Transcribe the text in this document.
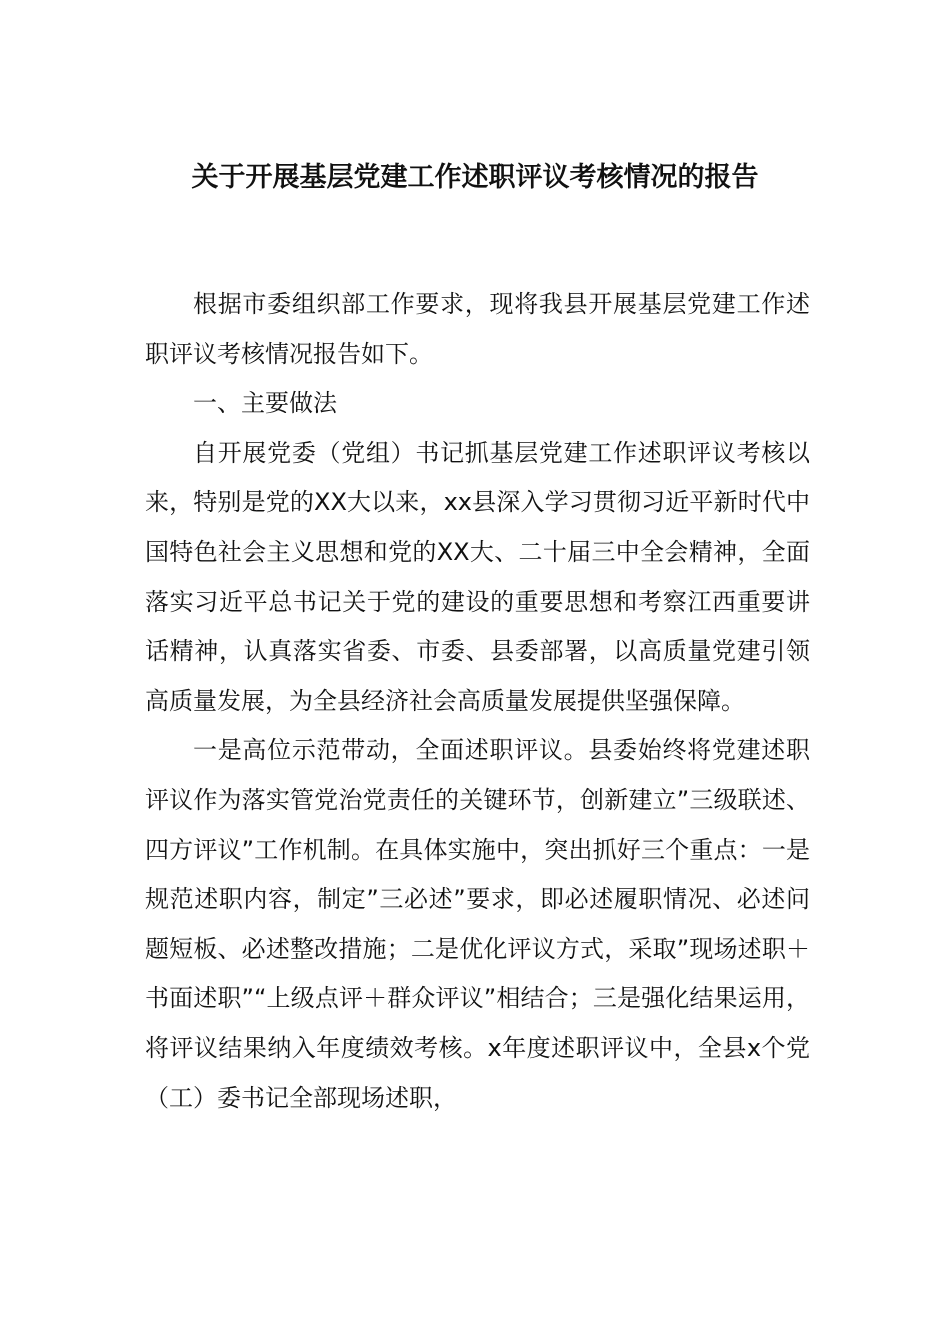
关于开展基层党建工作述职评议考核情况的报告

根据市委组织部工作要求，现将我县开展基层党建工作述职评议考核情况报告如下。

一、主要做法

自开展党委（党组）书记抓基层党建工作述职评议考核以来，特别是党的XX大以来，xx县深入学习贯彻习近平新时代中国特色社会主义思想和党的XX大、二十届三中全会精神，全面落实习近平总书记关于党的建设的重要思想和考察江西重要讲话精神，认真落实省委、市委、县委部署，以高质量党建引领高质量发展，为全县经济社会高质量发展提供坚强保障。

一是高位示范带动，全面述职评议。县委始终将党建述职评议作为落实管党治党责任的关键环节，创新建立”三级联述、四方评议”工作机制。在具体实施中，突出抓好三个重点：一是规范述职内容，制定”三必述”要求，即必述履职情况、必述问题短板、必述整改措施；二是优化评议方式，采取”现场述职＋书面述职”“上级点评＋群众评议”相结合；三是强化结果运用，将评议结果纳入年度绩效考核。x年度述职评议中，全县x个党（工）委书记全部现场述职，
